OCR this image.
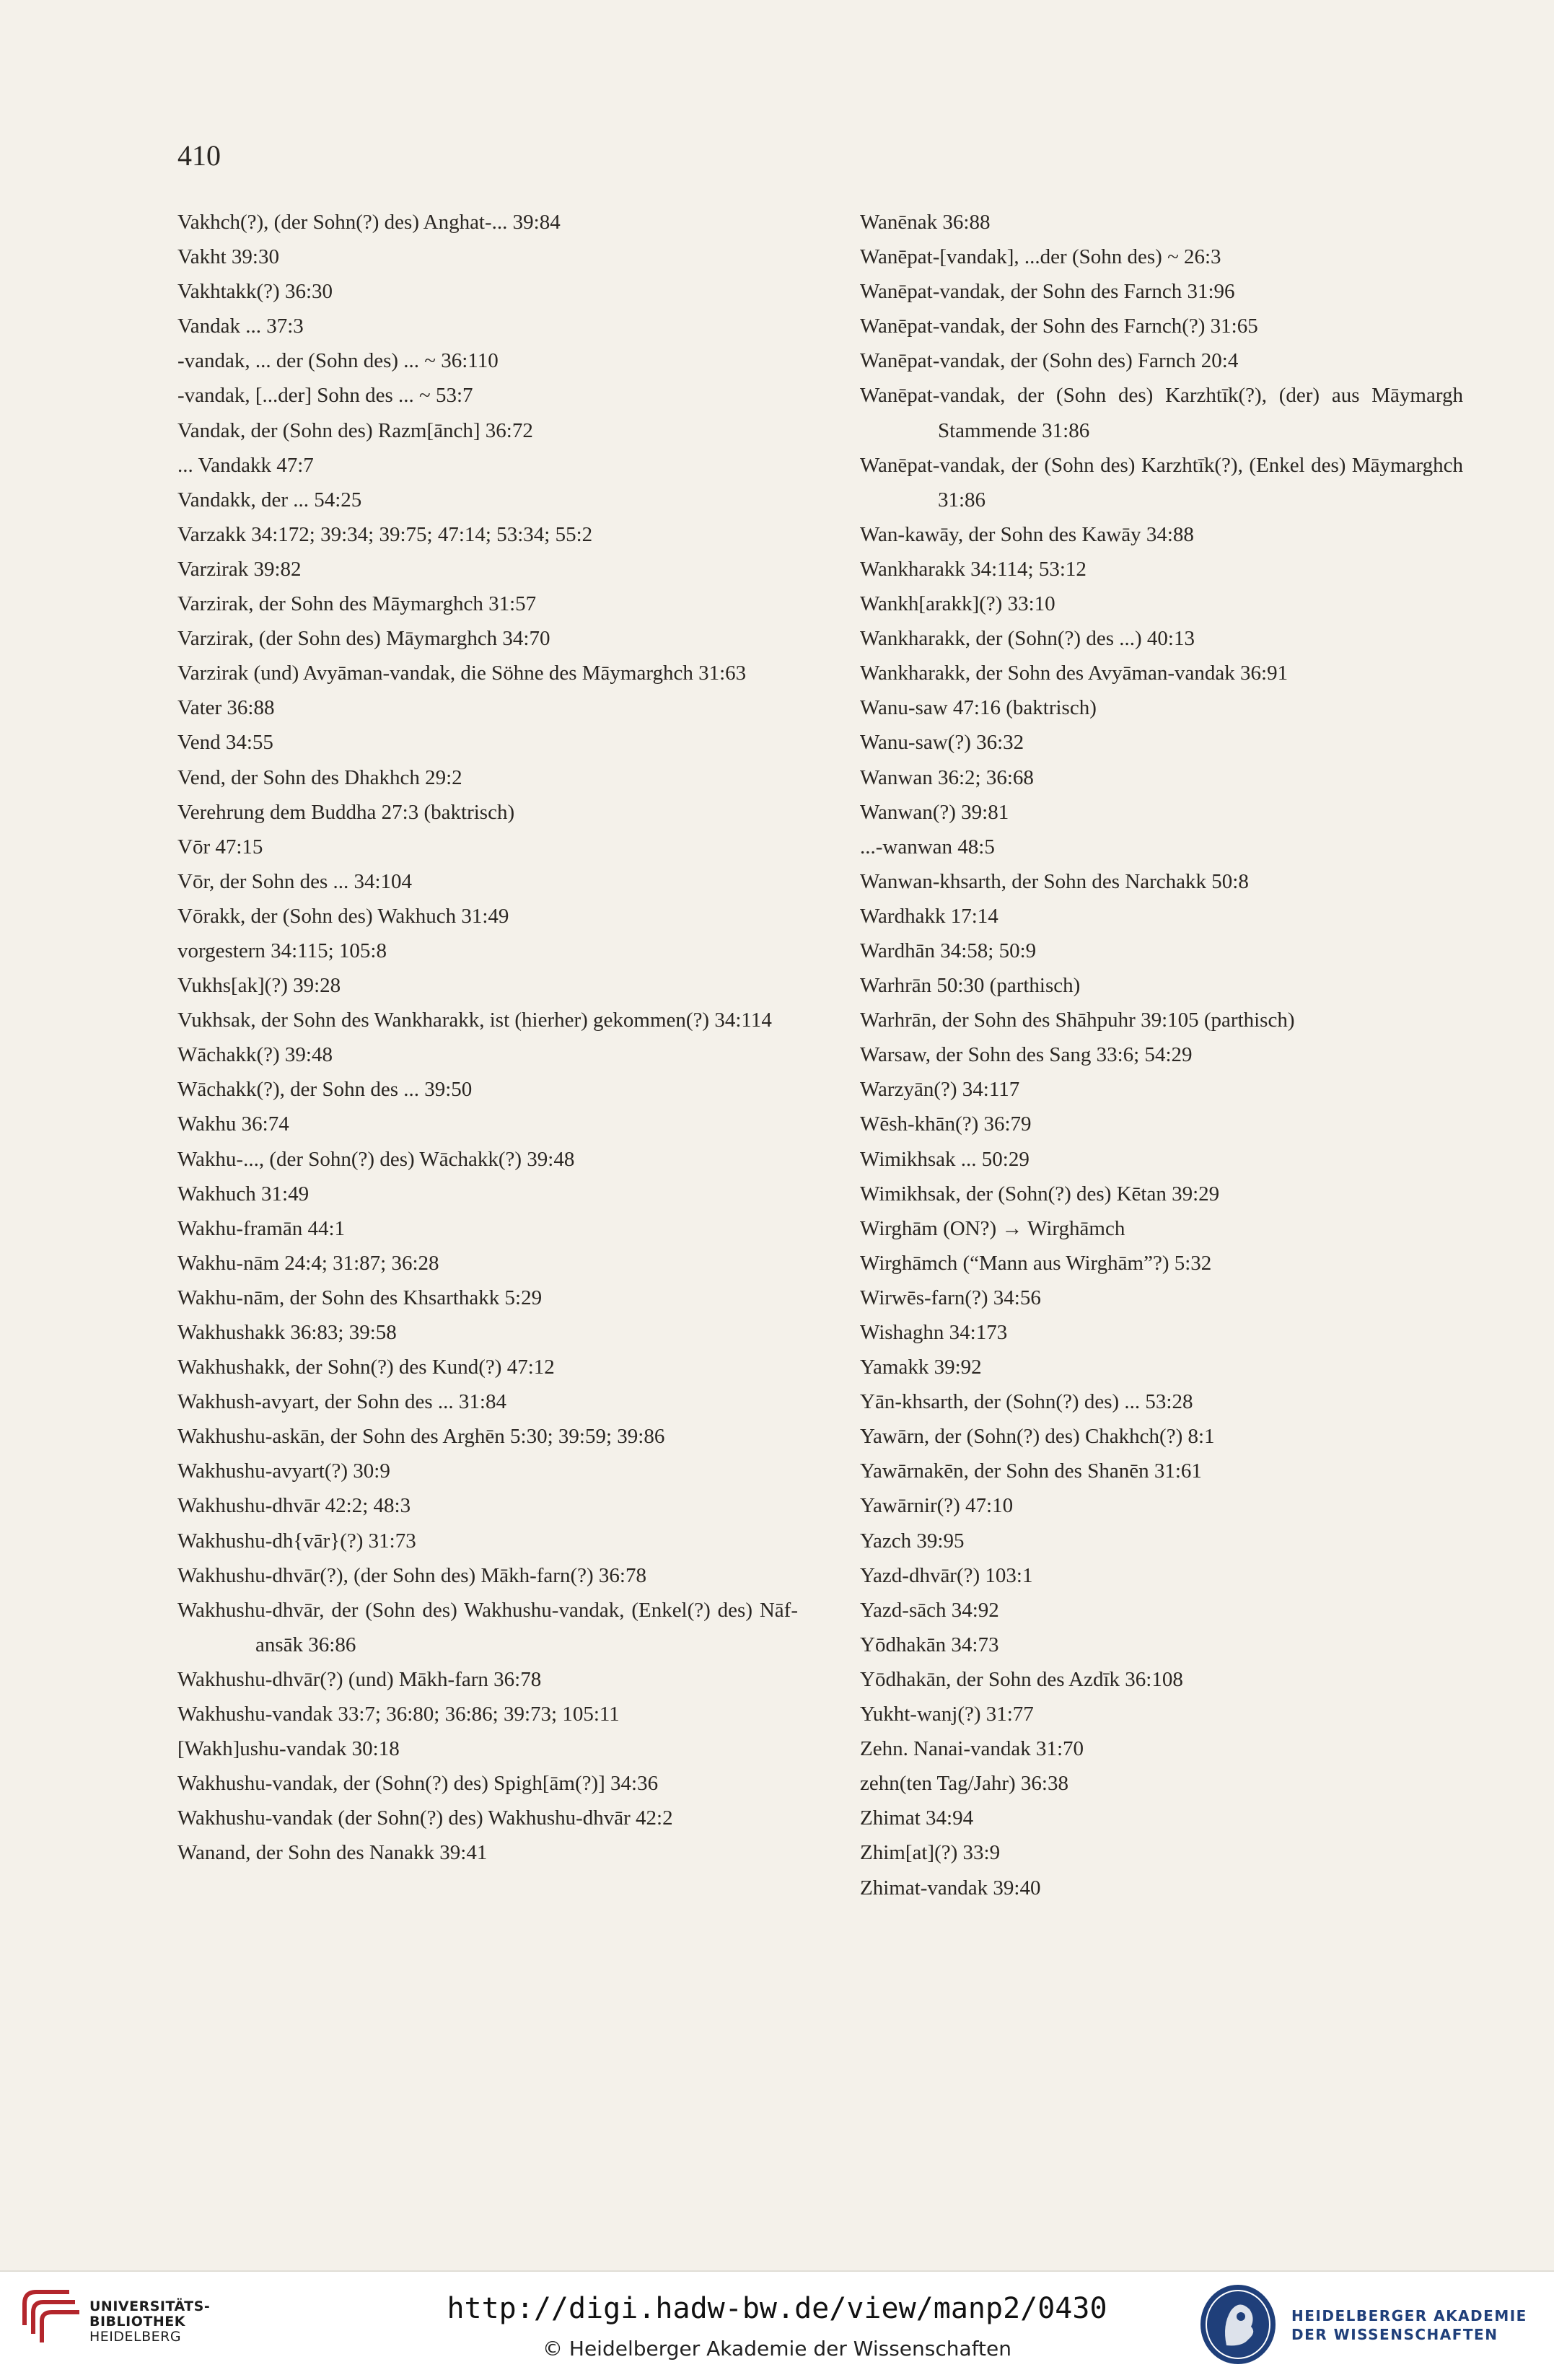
410

Vakhch(?), (der Sohn(?) des) Anghat-... 39:84

Vakht 39:30

Vakhtakk(?) 36:30

Vandak ... 37:3

-vandak, ... der (Sohn des) ... ~ 36:110

-vandak, [...der] Sohn des ... ~ 53:7

Vandak, der (Sohn des) Razm[ānch] 36:72

... Vandakk 47:7

Vandakk, der ... 54:25

Varzakk 34:172; 39:34; 39:75; 47:14; 53:34; 55:2

Varzirak 39:82

Varzirak, der Sohn des Māymarghch 31:57

Varzirak, (der Sohn des) Māymarghch 34:70

Varzirak (und) Avyāman-vandak, die Söhne des Māymarghch 31:63

Vater 36:88

Vend 34:55

Vend, der Sohn des Dhakhch 29:2

Verehrung dem Buddha 27:3 (baktrisch)

Vōr 47:15

Vōr, der Sohn des ... 34:104

Vōrakk, der (Sohn des) Wakhuch 31:49

vorgestern 34:115; 105:8

Vukhs[ak](?) 39:28

Vukhsak, der Sohn des Wankharakk, ist (hierher) gekommen(?) 34:114

Wāchakk(?) 39:48

Wāchakk(?), der Sohn des ... 39:50

Wakhu 36:74

Wakhu-..., (der Sohn(?) des) Wāchakk(?) 39:48

Wakhuch 31:49

Wakhu-framān 44:1

Wakhu-nām 24:4; 31:87; 36:28

Wakhu-nām, der Sohn des Khsarthakk 5:29

Wakhushakk 36:83; 39:58

Wakhushakk, der Sohn(?) des Kund(?) 47:12

Wakhush-avyart, der Sohn des ... 31:84

Wakhushu-askān, der Sohn des Arghēn 5:30; 39:59; 39:86

Wakhushu-avyart(?) 30:9

Wakhushu-dhvār 42:2; 48:3

Wakhushu-dh{vār}(?) 31:73

Wakhushu-dhvār(?), (der Sohn des) Mākh-farn(?) 36:78

Wakhushu-dhvār, der (Sohn des) Wakhushu-vandak, (Enkel(?) des) Nāf-ansāk 36:86

Wakhushu-dhvār(?) (und) Mākh-farn 36:78

Wakhushu-vandak 33:7; 36:80; 36:86; 39:73; 105:11

[Wakh]ushu-vandak 30:18

Wakhushu-vandak, der (Sohn(?) des) Spigh[ām(?)] 34:36

Wakhushu-vandak (der Sohn(?) des) Wakhushu-dhvār 42:2

Wanand, der Sohn des Nanakk 39:41

Wanēnak 36:88

Wanēpat-[vandak], ...der (Sohn des) ~ 26:3

Wanēpat-vandak, der Sohn des Farnch 31:96

Wanēpat-vandak, der Sohn des Farnch(?) 31:65

Wanēpat-vandak, der (Sohn des) Farnch 20:4

Wanēpat-vandak, der (Sohn des) Karzhtīk(?), (der) aus Māymargh Stammende 31:86

Wanēpat-vandak, der (Sohn des) Karzhtīk(?), (Enkel des) Māymarghch 31:86

Wan-kawāy, der Sohn des Kawāy 34:88

Wankharakk 34:114; 53:12

Wankh[arakk](?) 33:10

Wankharakk, der (Sohn(?) des ...) 40:13

Wankharakk, der Sohn des Avyāman-vandak 36:91

Wanu-saw 47:16 (baktrisch)

Wanu-saw(?) 36:32

Wanwan 36:2; 36:68

Wanwan(?) 39:81

...-wanwan 48:5

Wanwan-khsarth, der Sohn des Narchakk 50:8

Wardhakk 17:14

Wardhān 34:58; 50:9

Warhrān 50:30 (parthisch)

Warhrān, der Sohn des Shāhpuhr 39:105 (parthisch)

Warsaw, der Sohn des Sang 33:6; 54:29

Warzyān(?) 34:117

Wēsh-khān(?) 36:79

Wimikhsak ... 50:29

Wimikhsak, der (Sohn(?) des) Kētan 39:29

Wirghām (ON?) → Wirghāmch

Wirghāmch (“Mann aus Wirghām”?) 5:32

Wirwēs-farn(?) 34:56

Wishaghn 34:173

Yamakk 39:92

Yān-khsarth, der (Sohn(?) des) ... 53:28

Yawārn, der (Sohn(?) des) Chakhch(?) 8:1

Yawārnakēn, der Sohn des Shanēn 31:61

Yawārnir(?) 47:10

Yazch 39:95

Yazd-dhvār(?) 103:1

Yazd-sāch 34:92

Yōdhakān 34:73

Yōdhakān, der Sohn des Azdīk 36:108

Yukht-wanj(?) 31:77

Zehn. Nanai-vandak 31:70

zehn(ten Tag/Jahr) 36:38

Zhimat 34:94

Zhim[at](?) 33:9

Zhimat-vandak 39:40

UNIVERSITÄTS-
BIBLIOTHEK
HEIDELBERG
http://digi.hadw-bw.de/view/manp2/0430
© Heidelberger Akademie der Wissenschaften
HEIDELBERGER AKADEMIE
DER WISSENSCHAFTEN
